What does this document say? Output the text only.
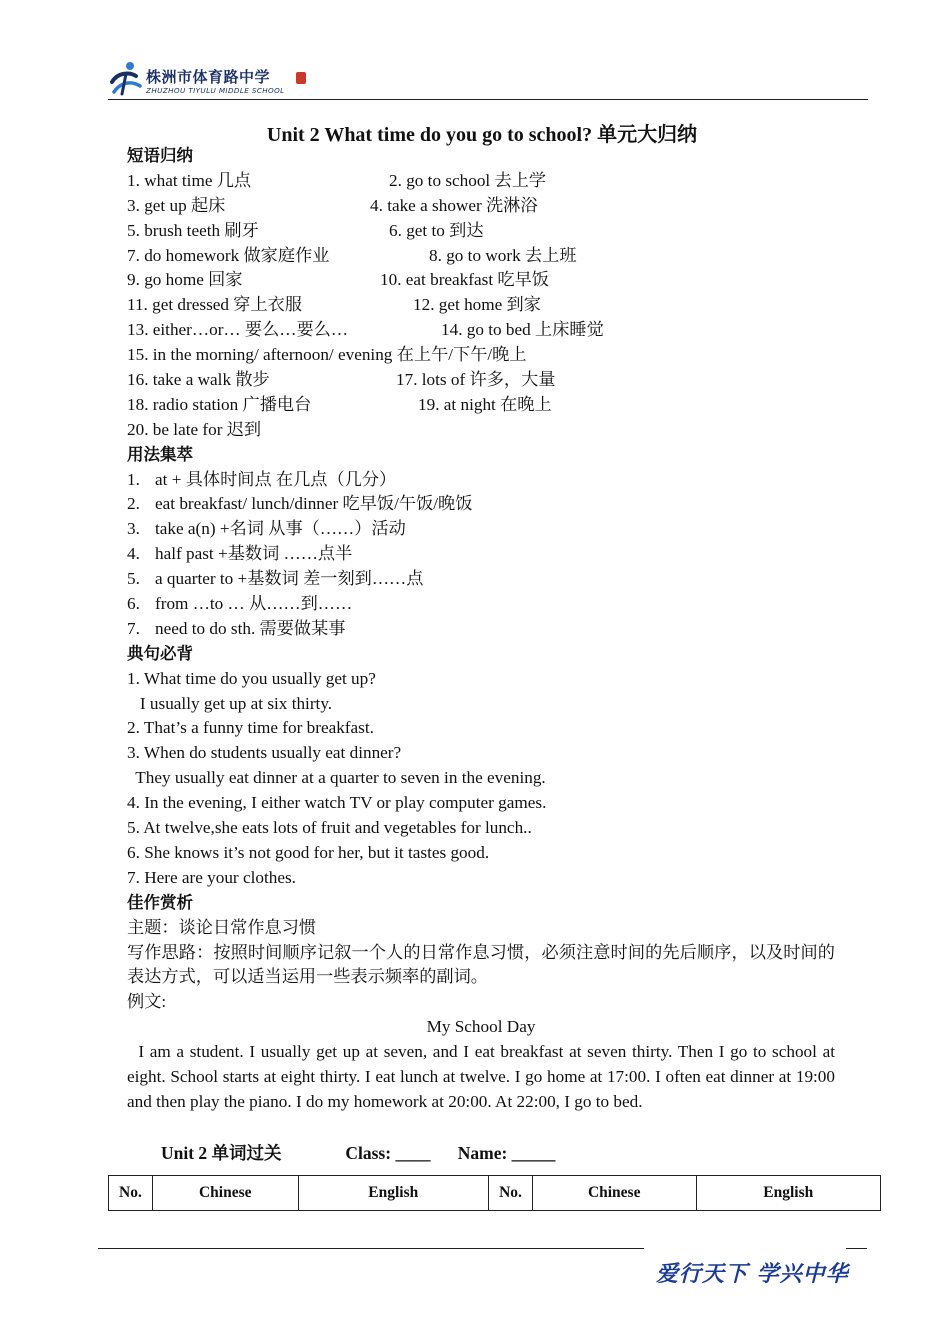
株洲市体育路中学
ZHUZHOU TIYULU MIDDLE SCHOOL
Unit 2 What time do you go to school? 单元大归纳
短语归纳
1. what time 几点	2. go to school 去上学
3. get up 起床	4. take a shower 洗淋浴
5. brush teeth 刷牙	6. get to 到达
7. do homework 做家庭作业	8. go to work 去上班
9. go home 回家	10. eat breakfast 吃早饭
11. get dressed 穿上衣服	12. get home 到家
13. either…or… 要么…要么…	14. go to bed 上床睡觉
15. in the morning/ afternoon/ evening 在上午/下午/晚上
16. take a walk 散步	17. lots of 许多，大量
18. radio station 广播电台	19. at night 在晚上
20. be late for 迟到
用法集萃
1. at + 具体时间点 在几点（几分）
2. eat breakfast/ lunch/dinner 吃早饭/午饭/晚饭
3. take a(n) +名词 从事（……）活动
4. half past +基数词 ……点半
5. a quarter to +基数词 差一刻到……点
6. from …to … 从……到……
7. need to do sth. 需要做某事
典句必背
1. What time do you usually get up?
I usually get up at six thirty.
2. That’s a funny time for breakfast.
3. When do students usually eat dinner?
They usually eat dinner at a quarter to seven in the evening.
4. In the evening, I either watch TV or play computer games.
5. At twelve,she eats lots of fruit and vegetables for lunch..
6. She knows it’s not good for her, but it tastes good.
7. Here are your clothes.
佳作赏析
主题：谈论日常作息习惯
写作思路：按照时间顺序记叙一个人的日常作息习惯，必须注意时间的先后顺序，以及时间的表达方式，可以适当运用一些表示频率的副词。
例文:
My School Day
I am a student. I usually get up at seven, and I eat breakfast at seven thirty. Then I go to school at eight. School starts at eight thirty. I eat lunch at twelve. I go home at 17:00. I often eat dinner at 19:00 and then play the piano. I do my homework at 20:00. At 22:00, I go to bed.
Unit 2 单词过关	Class: ____ Name: _____
No.	Chinese	English	No.	Chinese	English
爱行天下 学兴中华
